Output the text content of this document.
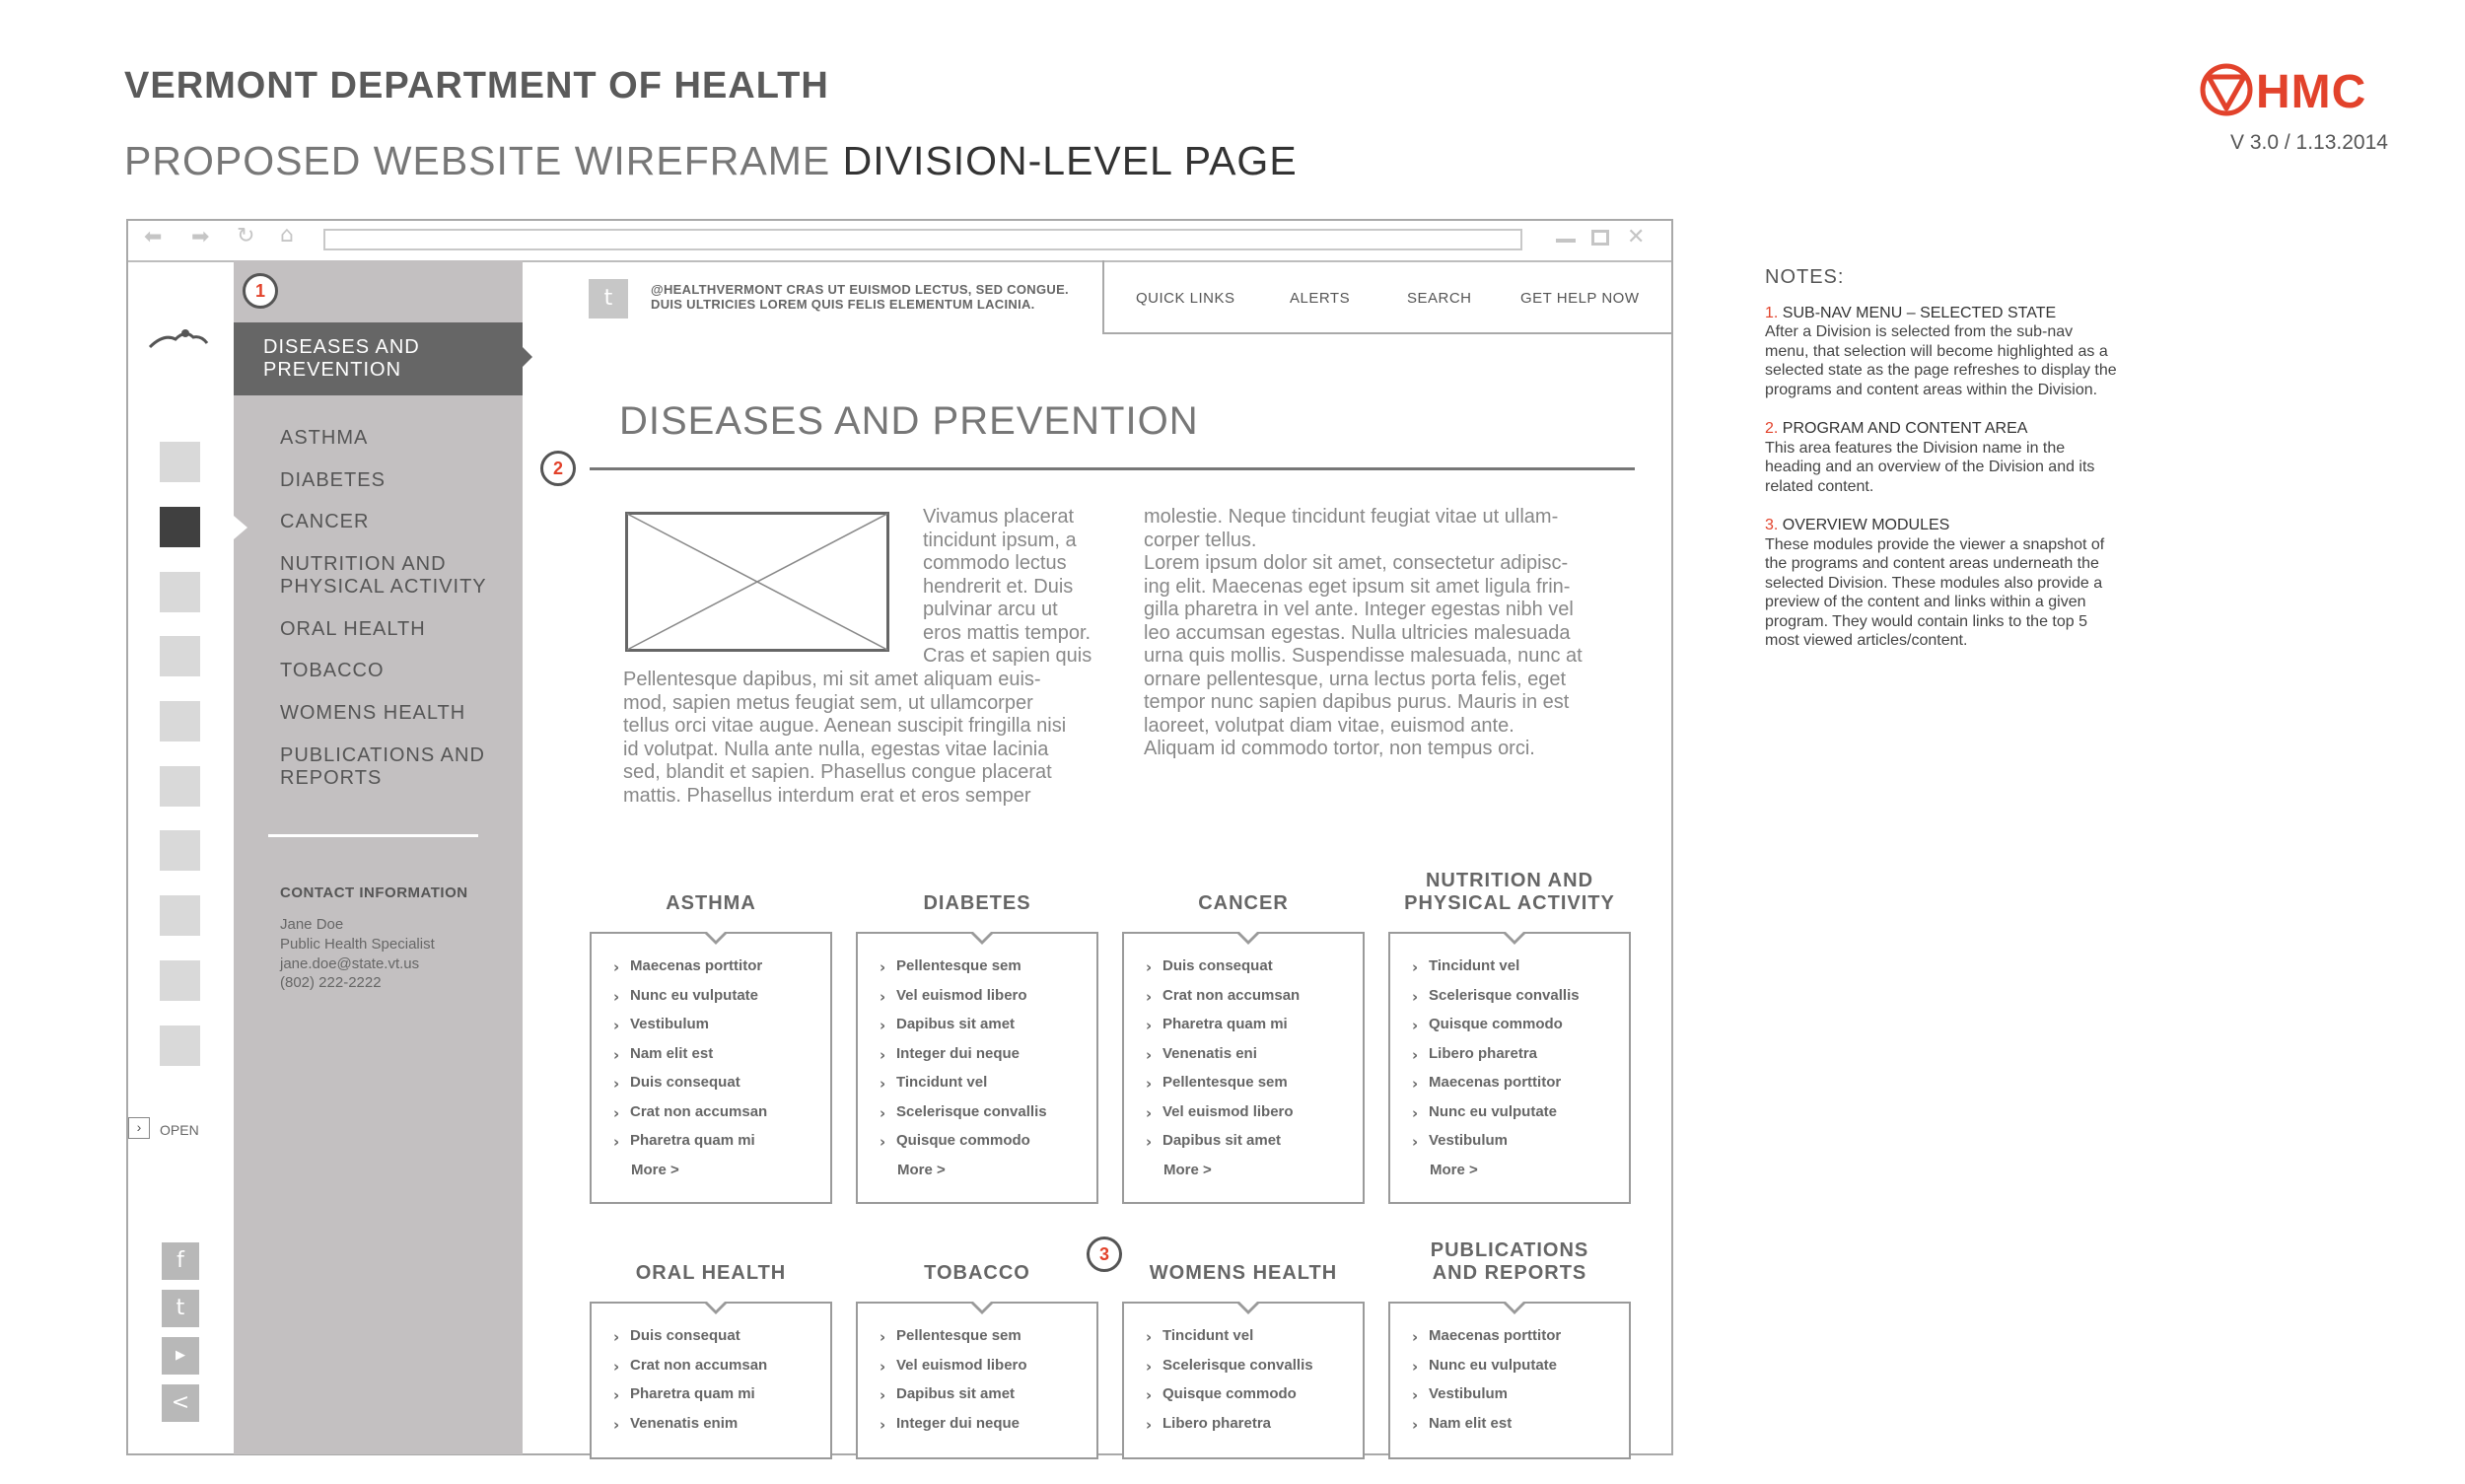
VERMONT DEPARTMENT OF HEALTH
PROPOSED WEBSITE WIREFRAME DIVISION-LEVEL PAGE
HMC
V 3.0 / 1.13.2014
NOTES:
1. SUB-NAV MENU – SELECTED STATE
After a Division is selected from the sub-nav menu, that selection will become highlighted as a selected state as the page refreshes to display the programs and content areas within the Division.
2. PROGRAM AND CONTENT AREA
This area features the Division name in the heading and an overview of the Division and its related content.
3. OVERVIEW MODULES
These modules provide the viewer a snapshot of the programs and content areas underneath the selected Division. These modules also provide a preview of the content and links within a given program. They would contain links to the top 5 most viewed articles/content.
⬅ ➡ ↻ ⌂	✕
›	OPEN
f
t
▶
<
DISEASES AND PREVENTION
ASTHMA
DIABETES
CANCER
NUTRITION AND PHYSICAL ACTIVITY
ORAL HEALTH
TOBACCO
WOMENS HEALTH
PUBLICATIONS AND REPORTS
CONTACT INFORMATION
Jane Doe
Public Health Specialist
jane.doe@state.vt.us
(802) 222-2222
1
2
3
t	@HEALTHVERMONT CRAS UT EUISMOD LECTUS, SED CONGUE. DUIS ULTRICIES LOREM QUIS FELIS ELEMENTUM LACINIA.	QUICK LINKS	ALERTS	SEARCH	GET HELP NOW
DISEASES AND PREVENTION
Vivamus placerat
tincidunt ipsum, a
commodo lectus
hendrerit et. Duis
pulvinar arcu ut
eros mattis tempor.
Cras et sapien quis
Pellentesque dapibus, mi sit amet aliquam euis-
mod, sapien metus feugiat sem, ut ullamcorper
tellus orci vitae augue. Aenean suscipit fringilla nisi
id volutpat. Nulla ante nulla, egestas vitae lacinia
sed, blandit et sapien. Phasellus congue placerat
mattis. Phasellus interdum erat et eros semper
molestie. Neque tincidunt feugiat vitae ut ullam-
corper tellus.
Lorem ipsum dolor sit amet, consectetur adipisc-
ing elit. Maecenas eget ipsum sit amet ligula frin-
gilla pharetra in vel ante. Integer egestas nibh vel
leo accumsan egestas. Nulla ultricies malesuada
urna quis mollis. Suspendisse malesuada, nunc at
ornare pellentesque, urna lectus porta felis, eget
tempor nunc sapien dapibus purus. Mauris in est
laoreet, volutpat diam vitae, euismod ante.
Aliquam id commodo tortor, non tempus orci.
ASTHMA
› Maecenas porttitor
› Nunc eu vulputate
› Vestibulum
› Nam elit est
› Duis consequat
› Crat non accumsan
› Pharetra quam mi
More >
DIABETES
› Pellentesque sem
› Vel euismod libero
› Dapibus sit amet
› Integer dui neque
› Tincidunt vel
› Scelerisque convallis
› Quisque commodo
More >
CANCER
› Duis consequat
› Crat non accumsan
› Pharetra quam mi
› Venenatis eni
› Pellentesque sem
› Vel euismod libero
› Dapibus sit amet
More >
NUTRITION AND
PHYSICAL ACTIVITY
› Tincidunt vel
› Scelerisque convallis
› Quisque commodo
› Libero pharetra
› Maecenas porttitor
› Nunc eu vulputate
› Vestibulum
More >
ORAL HEALTH
› Duis consequat
› Crat non accumsan
› Pharetra quam mi
› Venenatis enim
TOBACCO
› Pellentesque sem
› Vel euismod libero
› Dapibus sit amet
› Integer dui neque
WOMENS HEALTH
› Tincidunt vel
› Scelerisque convallis
› Quisque commodo
› Libero pharetra
PUBLICATIONS
AND REPORTS
› Maecenas porttitor
› Nunc eu vulputate
› Vestibulum
› Nam elit est
